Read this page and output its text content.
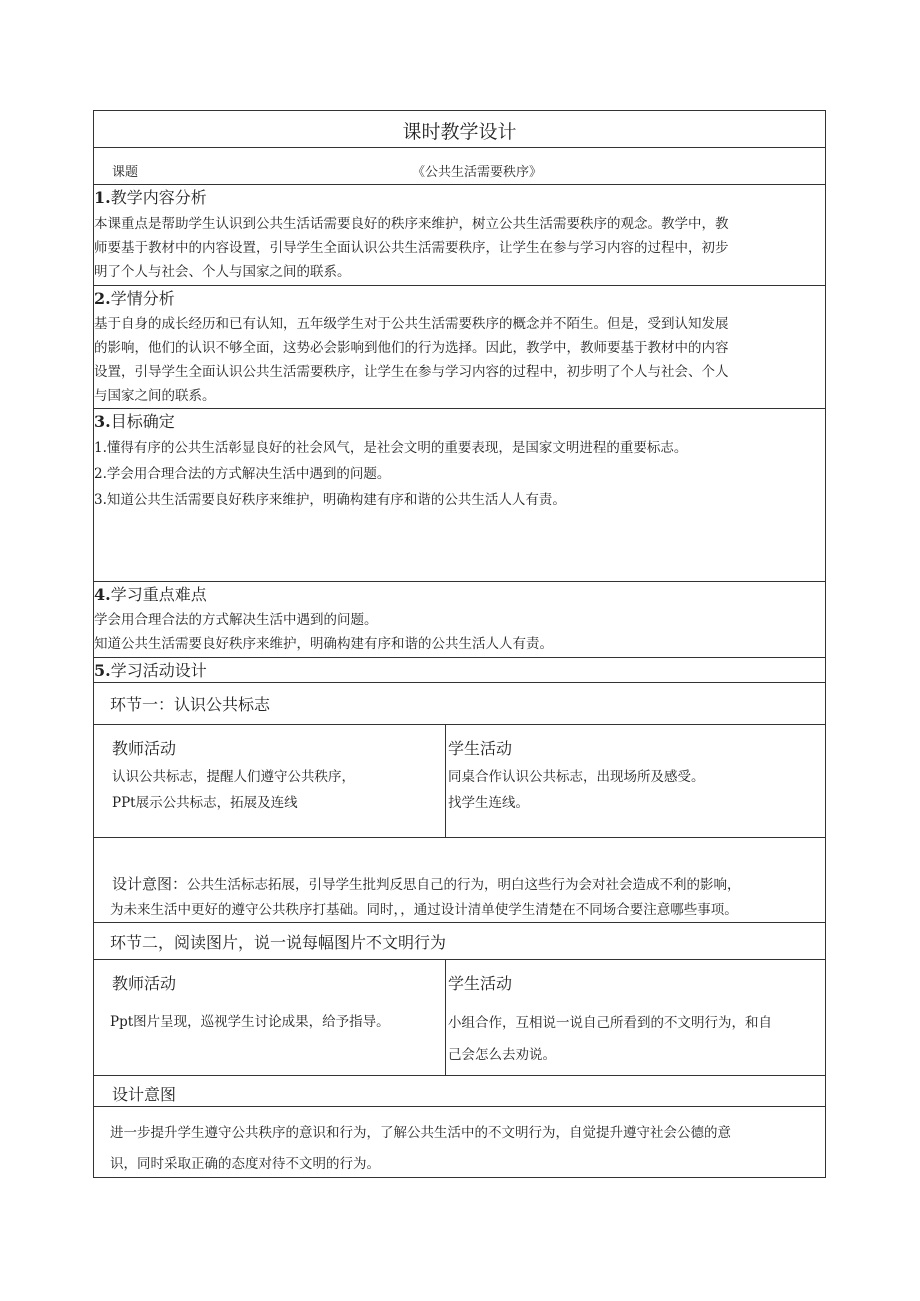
课时教学设计
课题	《公共生活需要秩序》
1.教学内容分析
本课重点是帮助学生认识到公共生活话需要良好的秩序来维护，树立公共生活需要秩序的观念。教学中，教
师要基于教材中的内容设置，引导学生全面认识公共生活需要秩序，让学生在参与学习内容的过程中，初步
明了个人与社会、个人与国家之间的联系。
2.学情分析
基于自身的成长经历和已有认知，五年级学生对于公共生活需要秩序的概念并不陌生。但是，受到认知发展
的影响，他们的认识不够全面，这势必会影响到他们的行为选择。因此，教学中，教师要基于教材中的内容
设置，引导学生全面认识公共生活需要秩序，让学生在参与学习内容的过程中，初步明了个人与社会、个人
与国家之间的联系。
3.目标确定
1.懂得有序的公共生活彰显良好的社会风气，是社会文明的重要表现，是国家文明进程的重要标志。
2.学会用合理合法的方式解决生活中遇到的问题。
3.知道公共生活需要良好秩序来维护，明确构建有序和谐的公共生活人人有责。
4.学习重点难点
学会用合理合法的方式解决生活中遇到的问题。
知道公共生活需要良好秩序来维护，明确构建有序和谐的公共生活人人有责。
5.学习活动设计
环节一：认识公共标志
教师活动
认识公共标志，提醒人们遵守公共秩序，
PPt展示公共标志，拓展及连线
学生活动
同桌合作认识公共标志，出现场所及感受。
找学生连线。
设计意图：公共生活标志拓展，引导学生批判反思自己的行为，明白这些行为会对社会造成不利的影响，
为未来生活中更好的遵守公共秩序打基础。同时，，通过设计清单使学生清楚在不同场合要注意哪些事项。
环节二，阅读图片，说一说每幅图片不文明行为
教师活动
Ppt图片呈现，巡视学生讨论成果，给予指导。
学生活动
小组合作，互相说一说自己所看到的不文明行为，和自
己会怎么去劝说。
设计意图
进一步提升学生遵守公共秩序的意识和行为，了解公共生活中的不文明行为，自觉提升遵守社会公德的意
识，同时采取正确的态度对待不文明的行为。
